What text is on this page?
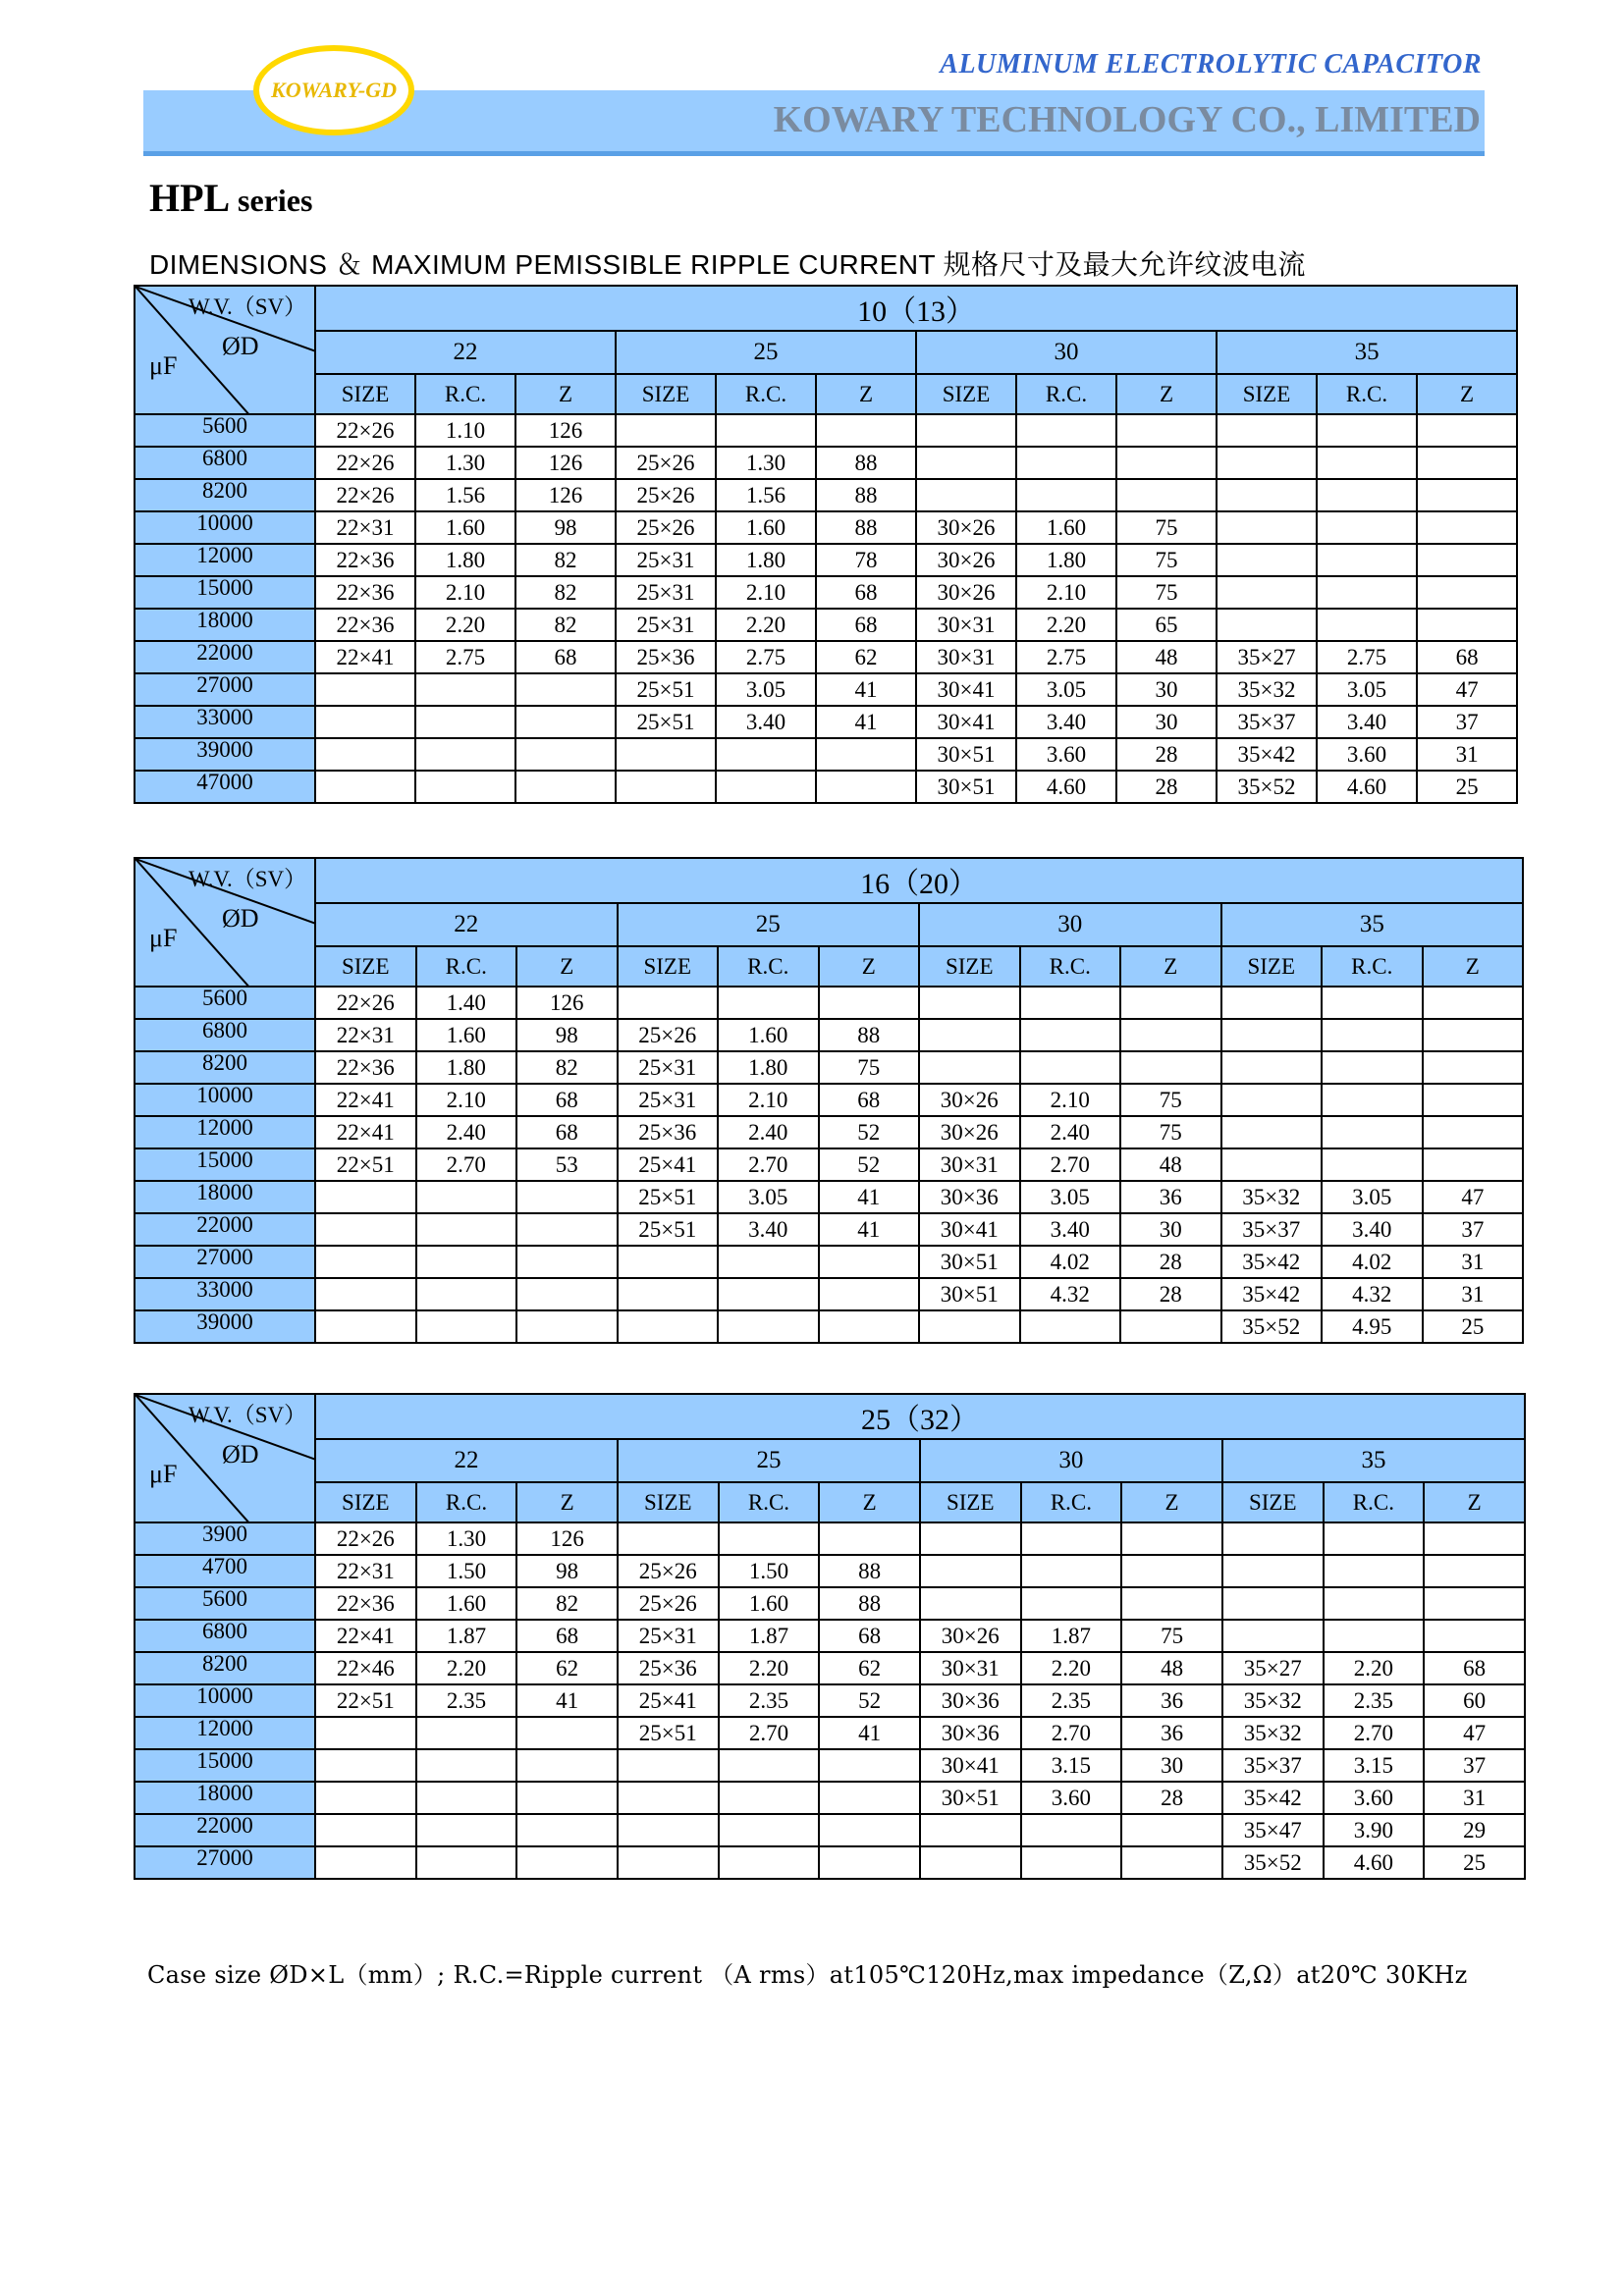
KOWARY-GD
ALUMINUM ELECTROLYTIC CAPACITOR
KOWARY TECHNOLOGY CO., LIMITED
HPL series
DIMENSIONS ＆ MAXIMUM PEMISSIBLE RIPPLE CURRENT 规格尺寸及最大允许纹波电流
W.V.（SV）
ØD
μF	10（13）											
	22			25			30			35		
	SIZE	R.C.	Z	SIZE	R.C.	Z	SIZE	R.C.	Z	SIZE	R.C.	Z
5600	22×26	1.10	126									
6800	22×26	1.30	126	25×26	1.30	88						
8200	22×26	1.56	126	25×26	1.56	88						
10000	22×31	1.60	98	25×26	1.60	88	30×26	1.60	75			
12000	22×36	1.80	82	25×31	1.80	78	30×26	1.80	75			
15000	22×36	2.10	82	25×31	2.10	68	30×26	2.10	75			
18000	22×36	2.20	82	25×31	2.20	68	30×31	2.20	65			
22000	22×41	2.75	68	25×36	2.75	62	30×31	2.75	48	35×27	2.75	68
27000				25×51	3.05	41	30×41	3.05	30	35×32	3.05	47
33000				25×51	3.40	41	30×41	3.40	30	35×37	3.40	37
39000							30×51	3.60	28	35×42	3.60	31
47000							30×51	4.60	28	35×52	4.60	25
W.V.（SV）
ØD
μF	16（20）											
	22			25			30			35		
	SIZE	R.C.	Z	SIZE	R.C.	Z	SIZE	R.C.	Z	SIZE	R.C.	Z
5600	22×26	1.40	126									
6800	22×31	1.60	98	25×26	1.60	88						
8200	22×36	1.80	82	25×31	1.80	75						
10000	22×41	2.10	68	25×31	2.10	68	30×26	2.10	75			
12000	22×41	2.40	68	25×36	2.40	52	30×26	2.40	75			
15000	22×51	2.70	53	25×41	2.70	52	30×31	2.70	48			
18000				25×51	3.05	41	30×36	3.05	36	35×32	3.05	47
22000				25×51	3.40	41	30×41	3.40	30	35×37	3.40	37
27000							30×51	4.02	28	35×42	4.02	31
33000							30×51	4.32	28	35×42	4.32	31
39000										35×52	4.95	25
W.V.（SV）
ØD
μF	25（32）											
	22			25			30			35		
	SIZE	R.C.	Z	SIZE	R.C.	Z	SIZE	R.C.	Z	SIZE	R.C.	Z
3900	22×26	1.30	126									
4700	22×31	1.50	98	25×26	1.50	88						
5600	22×36	1.60	82	25×26	1.60	88						
6800	22×41	1.87	68	25×31	1.87	68	30×26	1.87	75			
8200	22×46	2.20	62	25×36	2.20	62	30×31	2.20	48	35×27	2.20	68
10000	22×51	2.35	41	25×41	2.35	52	30×36	2.35	36	35×32	2.35	60
12000				25×51	2.70	41	30×36	2.70	36	35×32	2.70	47
15000							30×41	3.15	30	35×37	3.15	37
18000							30×51	3.60	28	35×42	3.60	31
22000										35×47	3.90	29
27000										35×52	4.60	25
Case size ØD×L（mm）; R.C.=Ripple current （A rms）at105℃120Hz,max impedance（Z,Ω）at20℃ 30KHz
